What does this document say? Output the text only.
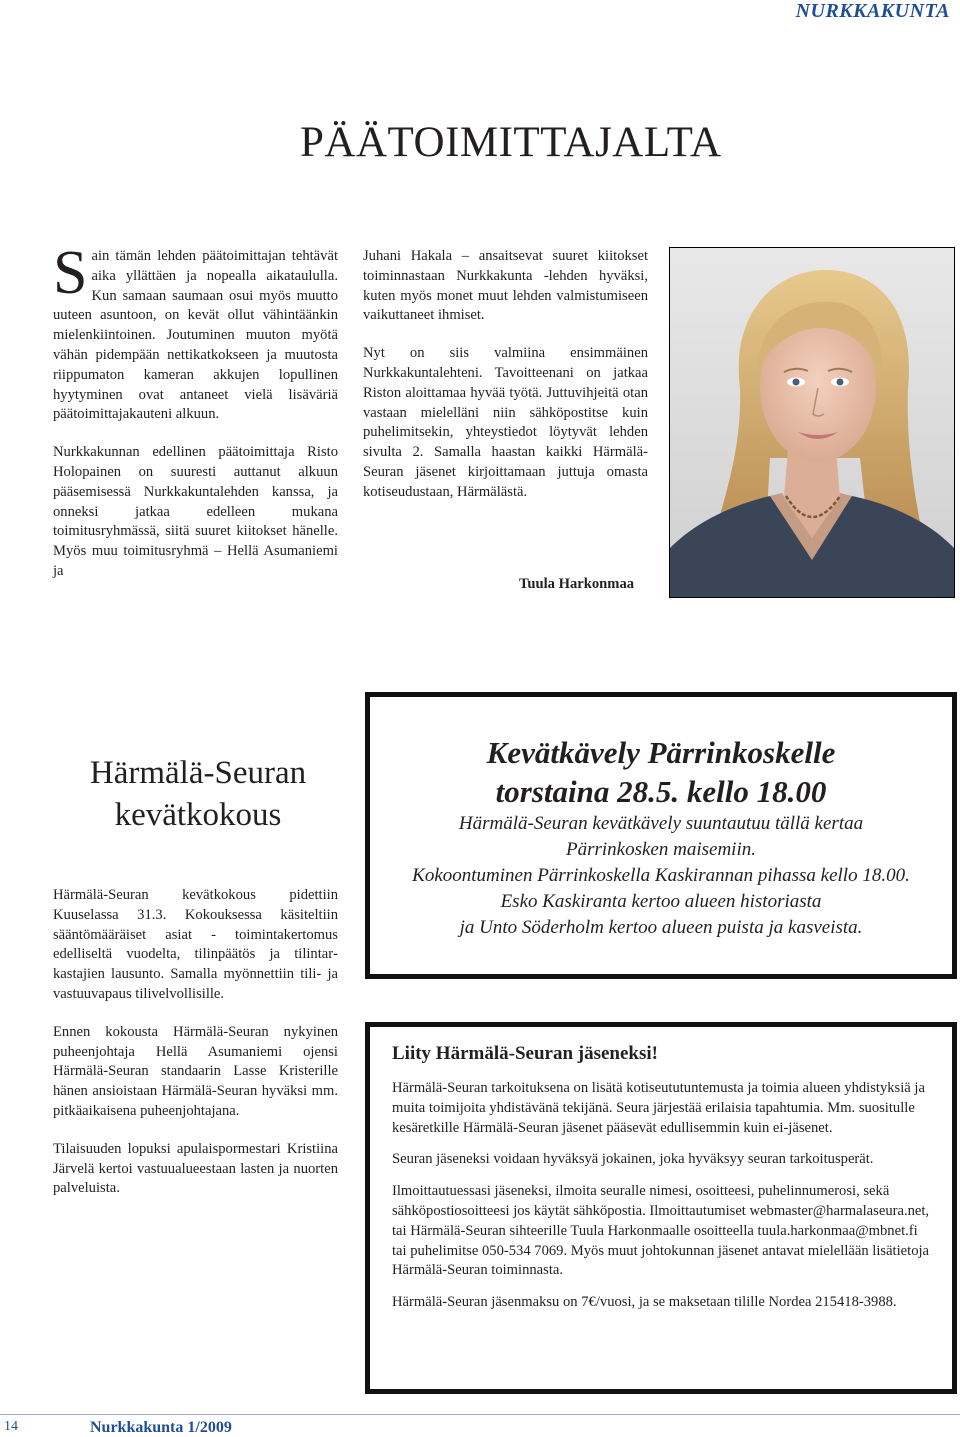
NURKKAKUNTA
PÄÄTOIMITTAJALTA

Sain tämän lehden päätoimittajan tehtävät aika yllättäen ja nopealla aikataululla. Kun samaan saumaan osui myös muutto uuteen asuntoon, on kevät ollut vähintäänkin mielenkiintoinen. Joutuminen muuton myötä vähän pidempään nettikatkokseen ja muutosta riippumaton kameran akkujen lopullinen hyytyminen ovat antaneet vielä lisäväriä päätoimittajakauteni alkuun.

Nurkkakunnan edellinen päätoimittaja Risto Holopainen on suuresti auttanut alkuun pääsemisessä Nurkkakuntalehden kanssa, ja onneksi jatkaa edelleen mukana toimitusryhmässä, siitä suuret kiitokset hänelle. Myös muu toimitusryhmä – Hellä Asumaniemi ja

Juhani Hakala – ansaitsevat suuret kiitokset toiminnastaan Nurkkakunta -lehden hyväksi, kuten myös monet muut lehden valmistumiseen vaikuttaneet ihmiset.

Nyt on siis valmiina ensimmäinen Nurkkakuntalehteni. Tavoitteenani on jatkaa Riston aloittamaa hyvää työtä. Juttuvihjeitä otan vastaan mielelläni niin sähköpostitse kuin puhelimitsekin, yhteystiedot löytyvät lehden sivulta 2. Samalla haastan kaikki Härmälä-Seuran jäsenet kirjoittamaan juttuja omasta kotiseudustaan, Härmälästä.

Tuula Harkonmaa
Härmälä-Seuran
kevätkokous

Härmälä-Seuran kevätkokous pidettiin Kuuselassa 31.3. Kokouksessa käsiteltiin sääntömääräiset asiat - toimintakertomus edelliseltä vuodelta, tilinpäätös ja tilintarkastajien lausunto. Samalla myönnettiin tili- ja vastuuvapaus tilivelvollisille.

Ennen kokousta Härmälä-Seuran nykyinen puheenjohtaja Hellä Asumaniemi ojensi Härmälä-Seuran standaarin Lasse Kristerille hänen ansioistaan Härmälä-Seuran hyväksi mm. pitkäaikaisena puheenjohtajana.

Tilaisuuden lopuksi apulaispormestari Kristiina Järvelä kertoi vastuualueestaan lasten ja nuorten palveluista.

Kevätkävely Pärrinkoskelle

torstaina 28.5. kello 18.00

Härmälä-Seuran kevätkävely suuntautuu tällä kertaa

Pärrinkosken maisemiin.

Kokoontuminen Pärrinkoskella Kaskirannan pihassa kello 18.00.

Esko Kaskiranta kertoo alueen historiasta

ja Unto Söderholm kertoo alueen puista ja kasveista.

Liity Härmälä-Seuran jäseneksi!

Härmälä-Seuran tarkoituksena on lisätä kotiseututuntemusta ja toimia alueen yhdistyksiä ja muita toimijoita yhdistävänä tekijänä. Seura järjestää erilaisia tapahtumia. Mm. suositulle kesäretkille Härmälä-Seuran jäsenet pääsevät edullisemmin kuin ei-jäsenet.

Seuran jäseneksi voidaan hyväksyä jokainen, joka hyväksyy seuran tarkoitusperät.

Ilmoittautuessasi jäseneksi, ilmoita seuralle nimesi, osoitteesi, puhelinnumerosi, sekä sähköpostiosoitteesi jos käytät sähköpostia. Ilmoittautumiset webmaster@harmalaseura.net, tai Härmälä-Seuran sihteerille Tuula Harkonmaalle osoitteella tuula.harkonmaa@mbnet.fi tai puhelimitse 050-534 7069. Myös muut johtokunnan jäsenet antavat mielellään lisätietoja Härmälä-Seuran toiminnasta.

Härmälä-Seuran jäsenmaksu on 7€/vuosi, ja se maksetaan tilille Nordea 215418-3988.

14	Nurkkakunta 1/2009
